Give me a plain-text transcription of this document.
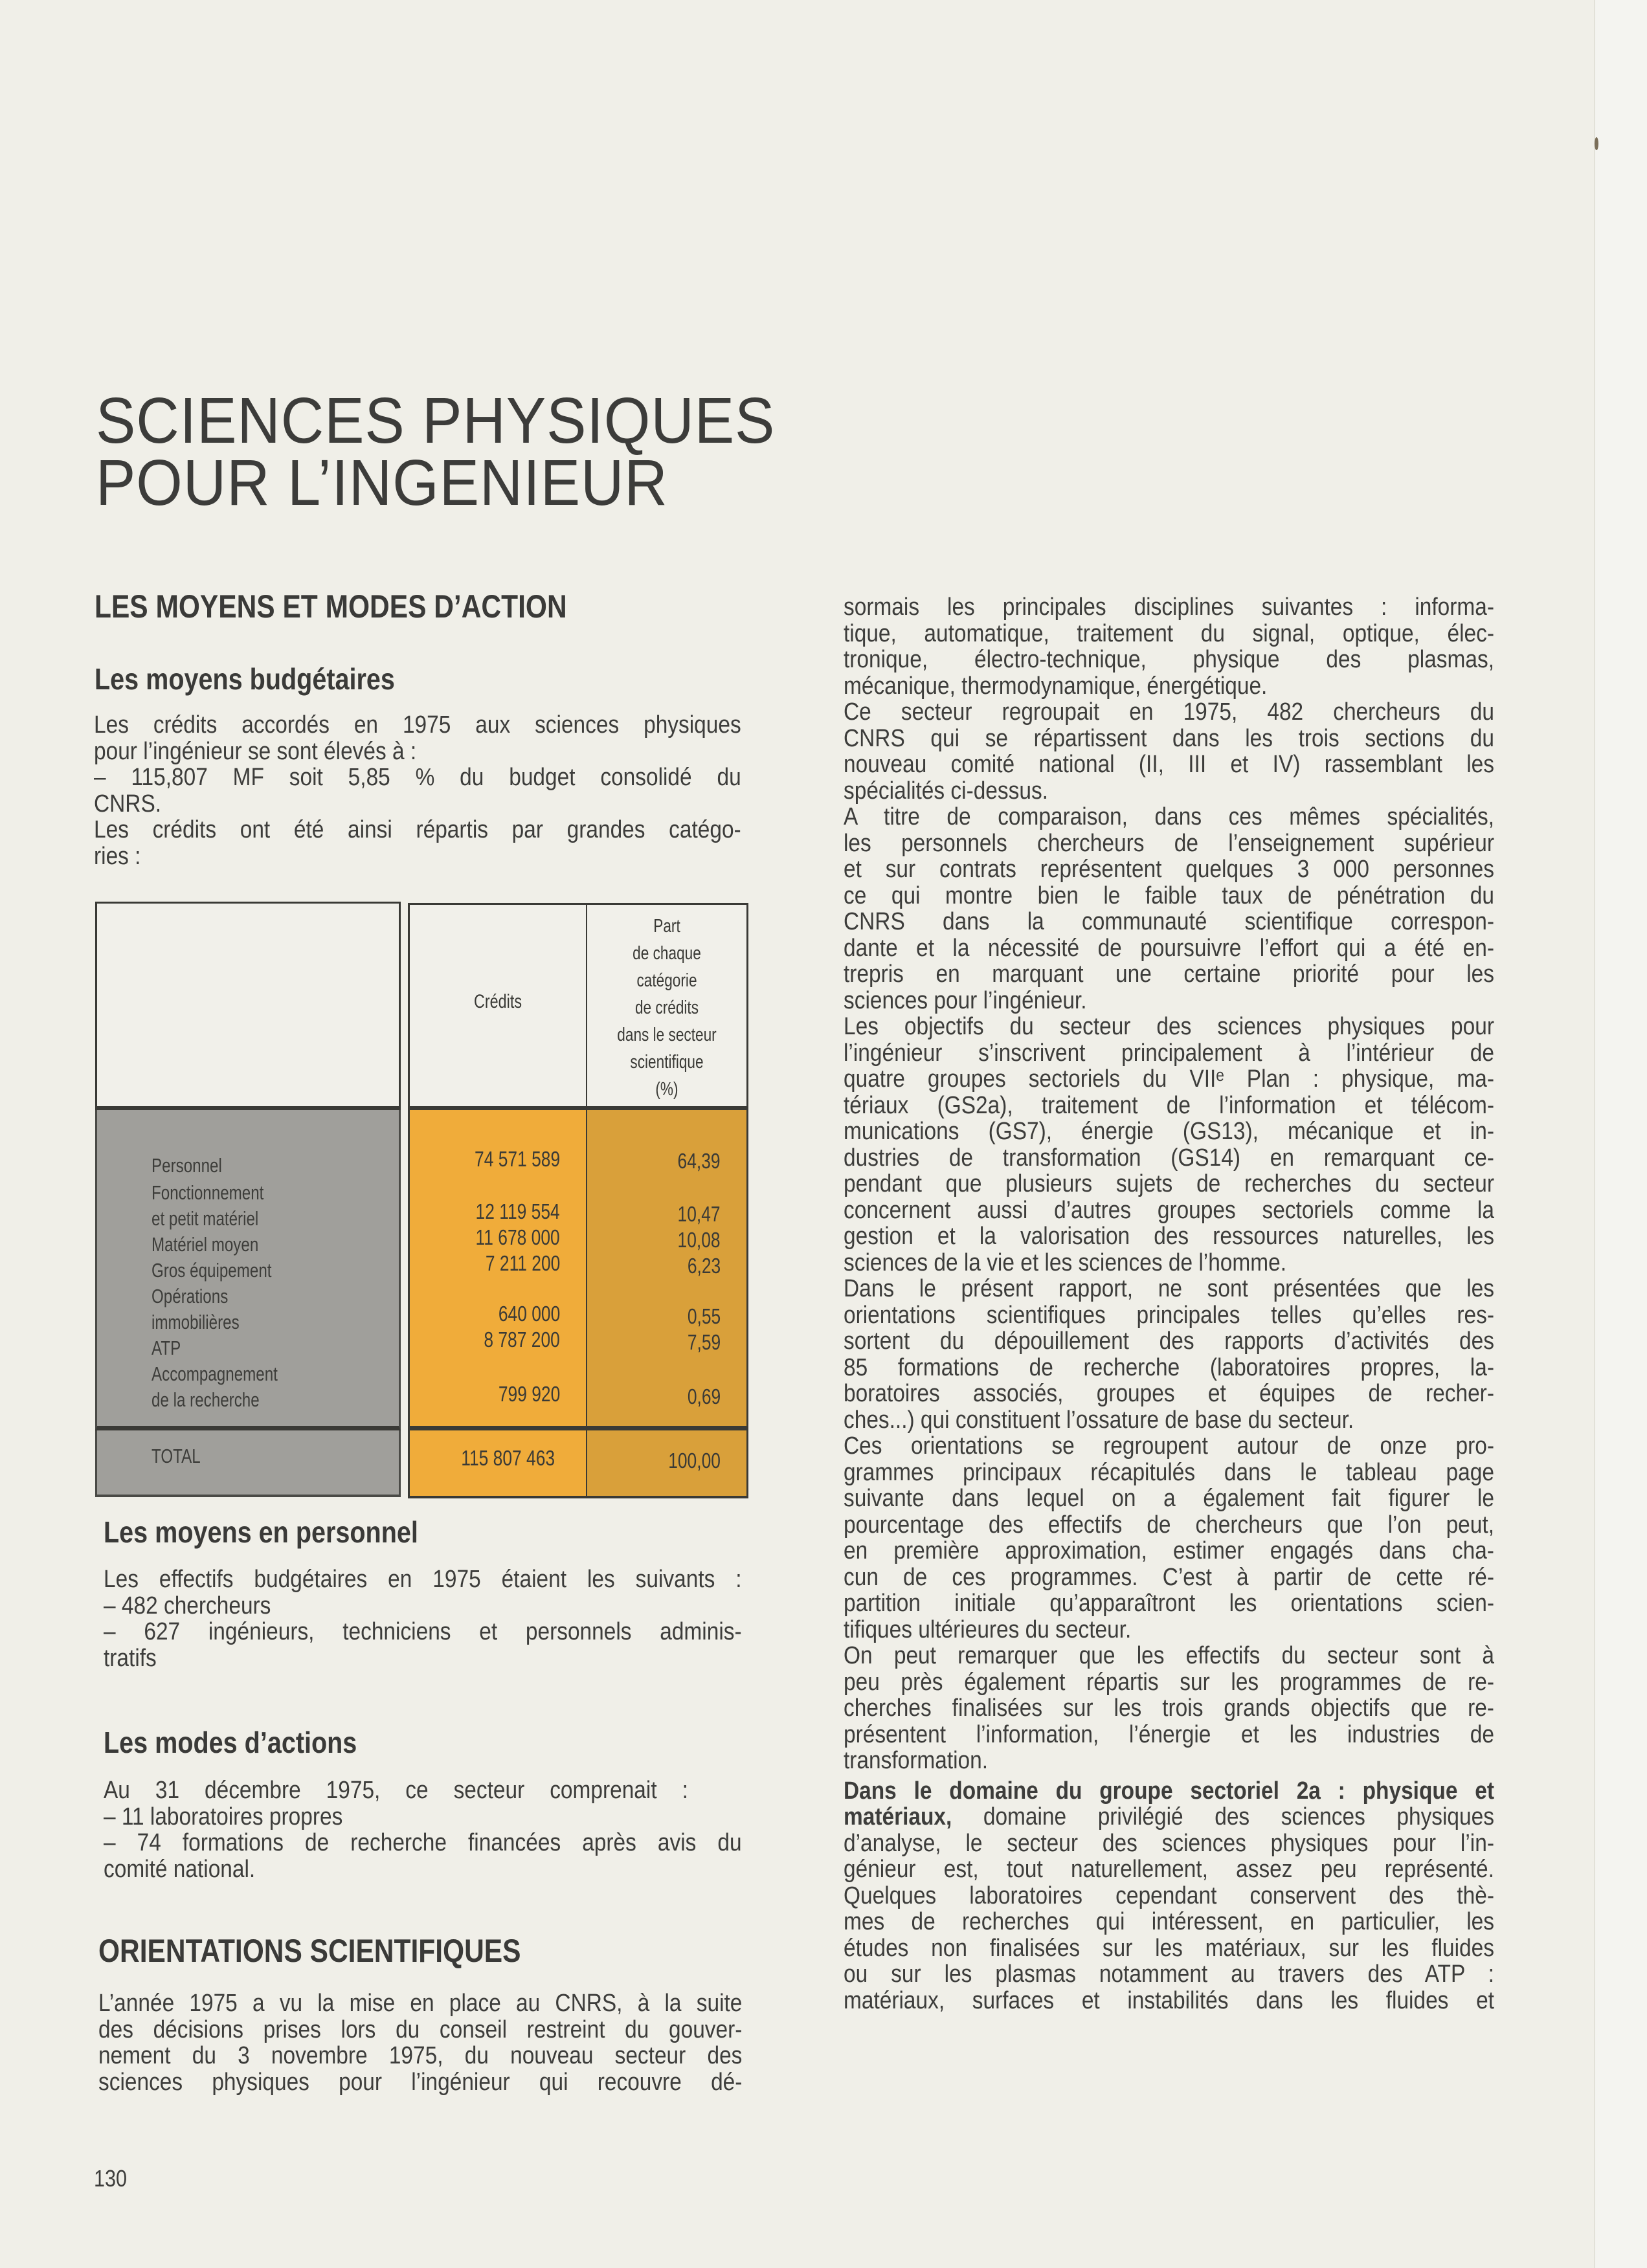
SCIENCES PHYSIQUES
POUR L’INGENIEUR
LES MOYENS ET MODES D’ACTION
Les moyens budgétaires
Les crédits accordés en 1975 aux sciences physiques
pour l’ingénieur se sont élevés à :
– 115,807 MF soit 5,85 % du budget consolidé du
CNRS.
Les crédits ont été ainsi répartis par grandes catégo-
ries :
Personnel
Fonctionnement
et petit matériel
Matériel moyen
Gros équipement
Opérations
immobilières
ATP
Accompagnement
de la recherche
TOTAL
Crédits
Part
de chaque
catégorie
de crédits
dans le secteur
scientifique
(%)
74 571 589
12 119 554
11 678 000
7 211 200
640 000
8 787 200
799 920
64,39
10,47
10,08
6,23
0,55
7,59
0,69
115 807 463	100,00
Les moyens en personnel
Les effectifs budgétaires en 1975 étaient les suivants :
– 482 chercheurs
– 627 ingénieurs, techniciens et personnels adminis-
tratifs
Les modes d’actions
Au 31 décembre 1975, ce secteur comprenait :
– 11 laboratoires propres
– 74 formations de recherche financées après avis du
comité national.
ORIENTATIONS SCIENTIFIQUES
L’année 1975 a vu la mise en place au CNRS, à la suite
des décisions prises lors du conseil restreint du gouver-
nement du 3 novembre 1975, du nouveau secteur des
sciences physiques pour l’ingénieur qui recouvre dé-
sormais les principales disciplines suivantes : informa-
tique, automatique, traitement du signal, optique, élec-
tronique, électro-technique, physique des plasmas,
mécanique, thermodynamique, énergétique.
Ce secteur regroupait en 1975, 482 chercheurs du
CNRS qui se répartissent dans les trois sections du
nouveau comité national (II, III et IV) rassemblant les
spécialités ci-dessus.
A titre de comparaison, dans ces mêmes spécialités,
les personnels chercheurs de l’enseignement supérieur
et sur contrats représentent quelques 3 000 personnes
ce qui montre bien le faible taux de pénétration du
CNRS dans la communauté scientifique correspon-
dante et la nécessité de poursuivre l’effort qui a été en-
trepris en marquant une certaine priorité pour les
sciences pour l’ingénieur.
Les objectifs du secteur des sciences physiques pour
l’ingénieur s’inscrivent principalement à l’intérieur de
quatre groupes sectoriels du VIIᵉ Plan : physique, ma-
tériaux (GS2a), traitement de l’information et télécom-
munications (GS7), énergie (GS13), mécanique et in-
dustries de transformation (GS14) en remarquant ce-
pendant que plusieurs sujets de recherches du secteur
concernent aussi d’autres groupes sectoriels comme la
gestion et la valorisation des ressources naturelles, les
sciences de la vie et les sciences de l’homme.
Dans le présent rapport, ne sont présentées que les
orientations scientifiques principales telles qu’elles res-
sortent du dépouillement des rapports d’activités des
85 formations de recherche (laboratoires propres, la-
boratoires associés, groupes et équipes de recher-
ches...) qui constituent l’ossature de base du secteur.
Ces orientations se regroupent autour de onze pro-
grammes principaux récapitulés dans le tableau page
suivante dans lequel on a également fait figurer le
pourcentage des effectifs de chercheurs que l’on peut,
en première approximation, estimer engagés dans cha-
cun de ces programmes. C’est à partir de cette ré-
partition initiale qu’apparaîtront les orientations scien-
tifiques ultérieures du secteur.
On peut remarquer que les effectifs du secteur sont à
peu près également répartis sur les programmes de re-
cherches finalisées sur les trois grands objectifs que re-
présentent l’information, l’énergie et les industries de
transformation.
Dans le domaine du groupe sectoriel 2a : physique et
matériaux, domaine privilégié des sciences physiques
d’analyse, le secteur des sciences physiques pour l’in-
génieur est, tout naturellement, assez peu représenté.
Quelques laboratoires cependant conservent des thè-
mes de recherches qui intéressent, en particulier, les
études non finalisées sur les matériaux, sur les fluides
ou sur les plasmas notamment au travers des ATP :
matériaux, surfaces et instabilités dans les fluides et
130
